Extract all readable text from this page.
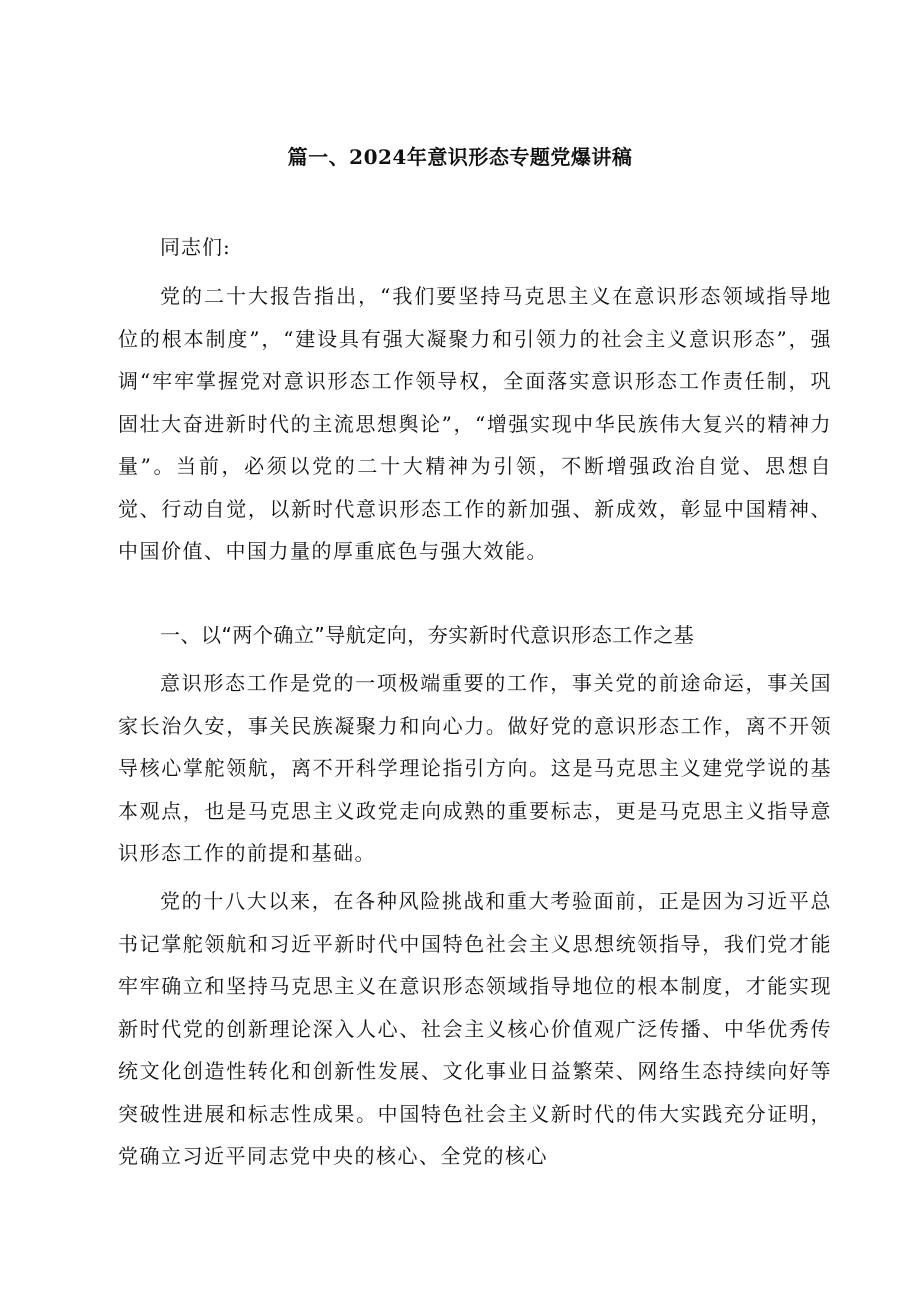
篇一、2024年意识形态专题党爆讲稿
同志们:

党的二十大报告指出，“我们要坚持马克思主义在意识形态领域指导地位的根本制度”，“建设具有强大凝聚力和引领力的社会主义意识形态”，强调“牢牢掌握党对意识形态工作领导权，全面落实意识形态工作责任制，巩固壮大奋进新时代的主流思想舆论”，“增强实现中华民族伟大复兴的精神力量”。当前，必须以党的二十大精神为引领，不断增强政治自觉、思想自觉、行动自觉，以新时代意识形态工作的新加强、新成效，彰显中国精神、中国价值、中国力量的厚重底色与强大效能。

一、以“两个确立”导航定向，夯实新时代意识形态工作之基

意识形态工作是党的一项极端重要的工作，事关党的前途命运，事关国家长治久安，事关民族凝聚力和向心力。做好党的意识形态工作，离不开领导核心掌舵领航，离不开科学理论指引方向。这是马克思主义建党学说的基本观点，也是马克思主义政党走向成熟的重要标志，更是马克思主义指导意识形态工作的前提和基础。

党的十八大以来，在各种风险挑战和重大考验面前，正是因为习近平总书记掌舵领航和习近平新时代中国特色社会主义思想统领指导，我们党才能牢牢确立和坚持马克思主义在意识形态领域指导地位的根本制度，才能实现新时代党的创新理论深入人心、社会主义核心价值观广泛传播、中华优秀传统文化创造性转化和创新性发展、文化事业日益繁荣、网络生态持续向好等突破性进展和标志性成果。中国特色社会主义新时代的伟大实践充分证明，党确立习近平同志党中央的核心、全党的核心
